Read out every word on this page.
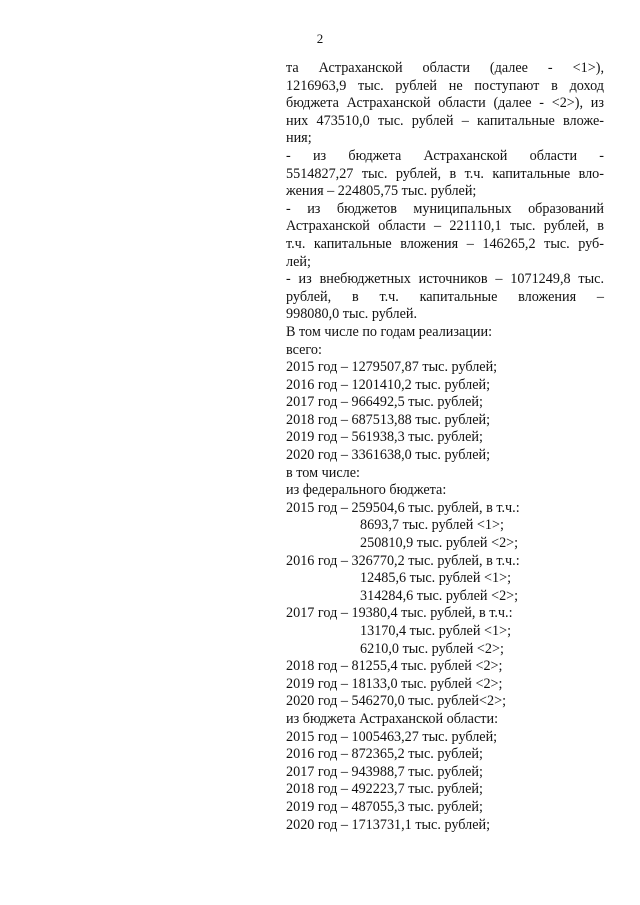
2
та Астраханской области (далее - <1>),
1216963,9 тыс. рублей не поступают в доход
бюджета Астраханской области (далее - <2>), из
них 473510,0 тыс. рублей – капитальные вложе-
ния;
- из бюджета Астраханской области -
5514827,27 тыс. рублей, в т.ч. капитальные вло-
жения – 224805,75 тыс. рублей;
- из бюджетов муниципальных образований
Астраханской области – 221110,1 тыс. рублей, в
т.ч. капитальные вложения – 146265,2 тыс. руб-
лей;
- из внебюджетных источников – 1071249,8 тыс.
рублей, в т.ч. капитальные вложения –
998080,0 тыс. рублей.
В том числе по годам реализации:
всего:
2015 год – 1279507,87 тыс. рублей;
2016 год – 1201410,2 тыс. рублей;
2017 год – 966492,5 тыс. рублей;
2018 год – 687513,88 тыс. рублей;
2019 год – 561938,3 тыс. рублей;
2020 год – 3361638,0 тыс. рублей;
в том числе:
из федерального бюджета:
2015 год – 259504,6 тыс. рублей, в т.ч.:
8693,7 тыс. рублей <1>;
250810,9 тыс. рублей <2>;
2016 год – 326770,2 тыс. рублей, в т.ч.:
12485,6 тыс. рублей <1>;
314284,6 тыс. рублей <2>;
2017 год – 19380,4 тыс. рублей, в т.ч.:
13170,4 тыс. рублей <1>;
6210,0 тыс. рублей <2>;
2018 год – 81255,4 тыс. рублей <2>;
2019 год – 18133,0 тыс. рублей <2>;
2020 год – 546270,0 тыс. рублей<2>;
из бюджета Астраханской области:
2015 год – 1005463,27 тыс. рублей;
2016 год – 872365,2 тыс. рублей;
2017 год – 943988,7 тыс. рублей;
2018 год – 492223,7 тыс. рублей;
2019 год – 487055,3 тыс. рублей;
2020 год – 1713731,1 тыс. рублей;
